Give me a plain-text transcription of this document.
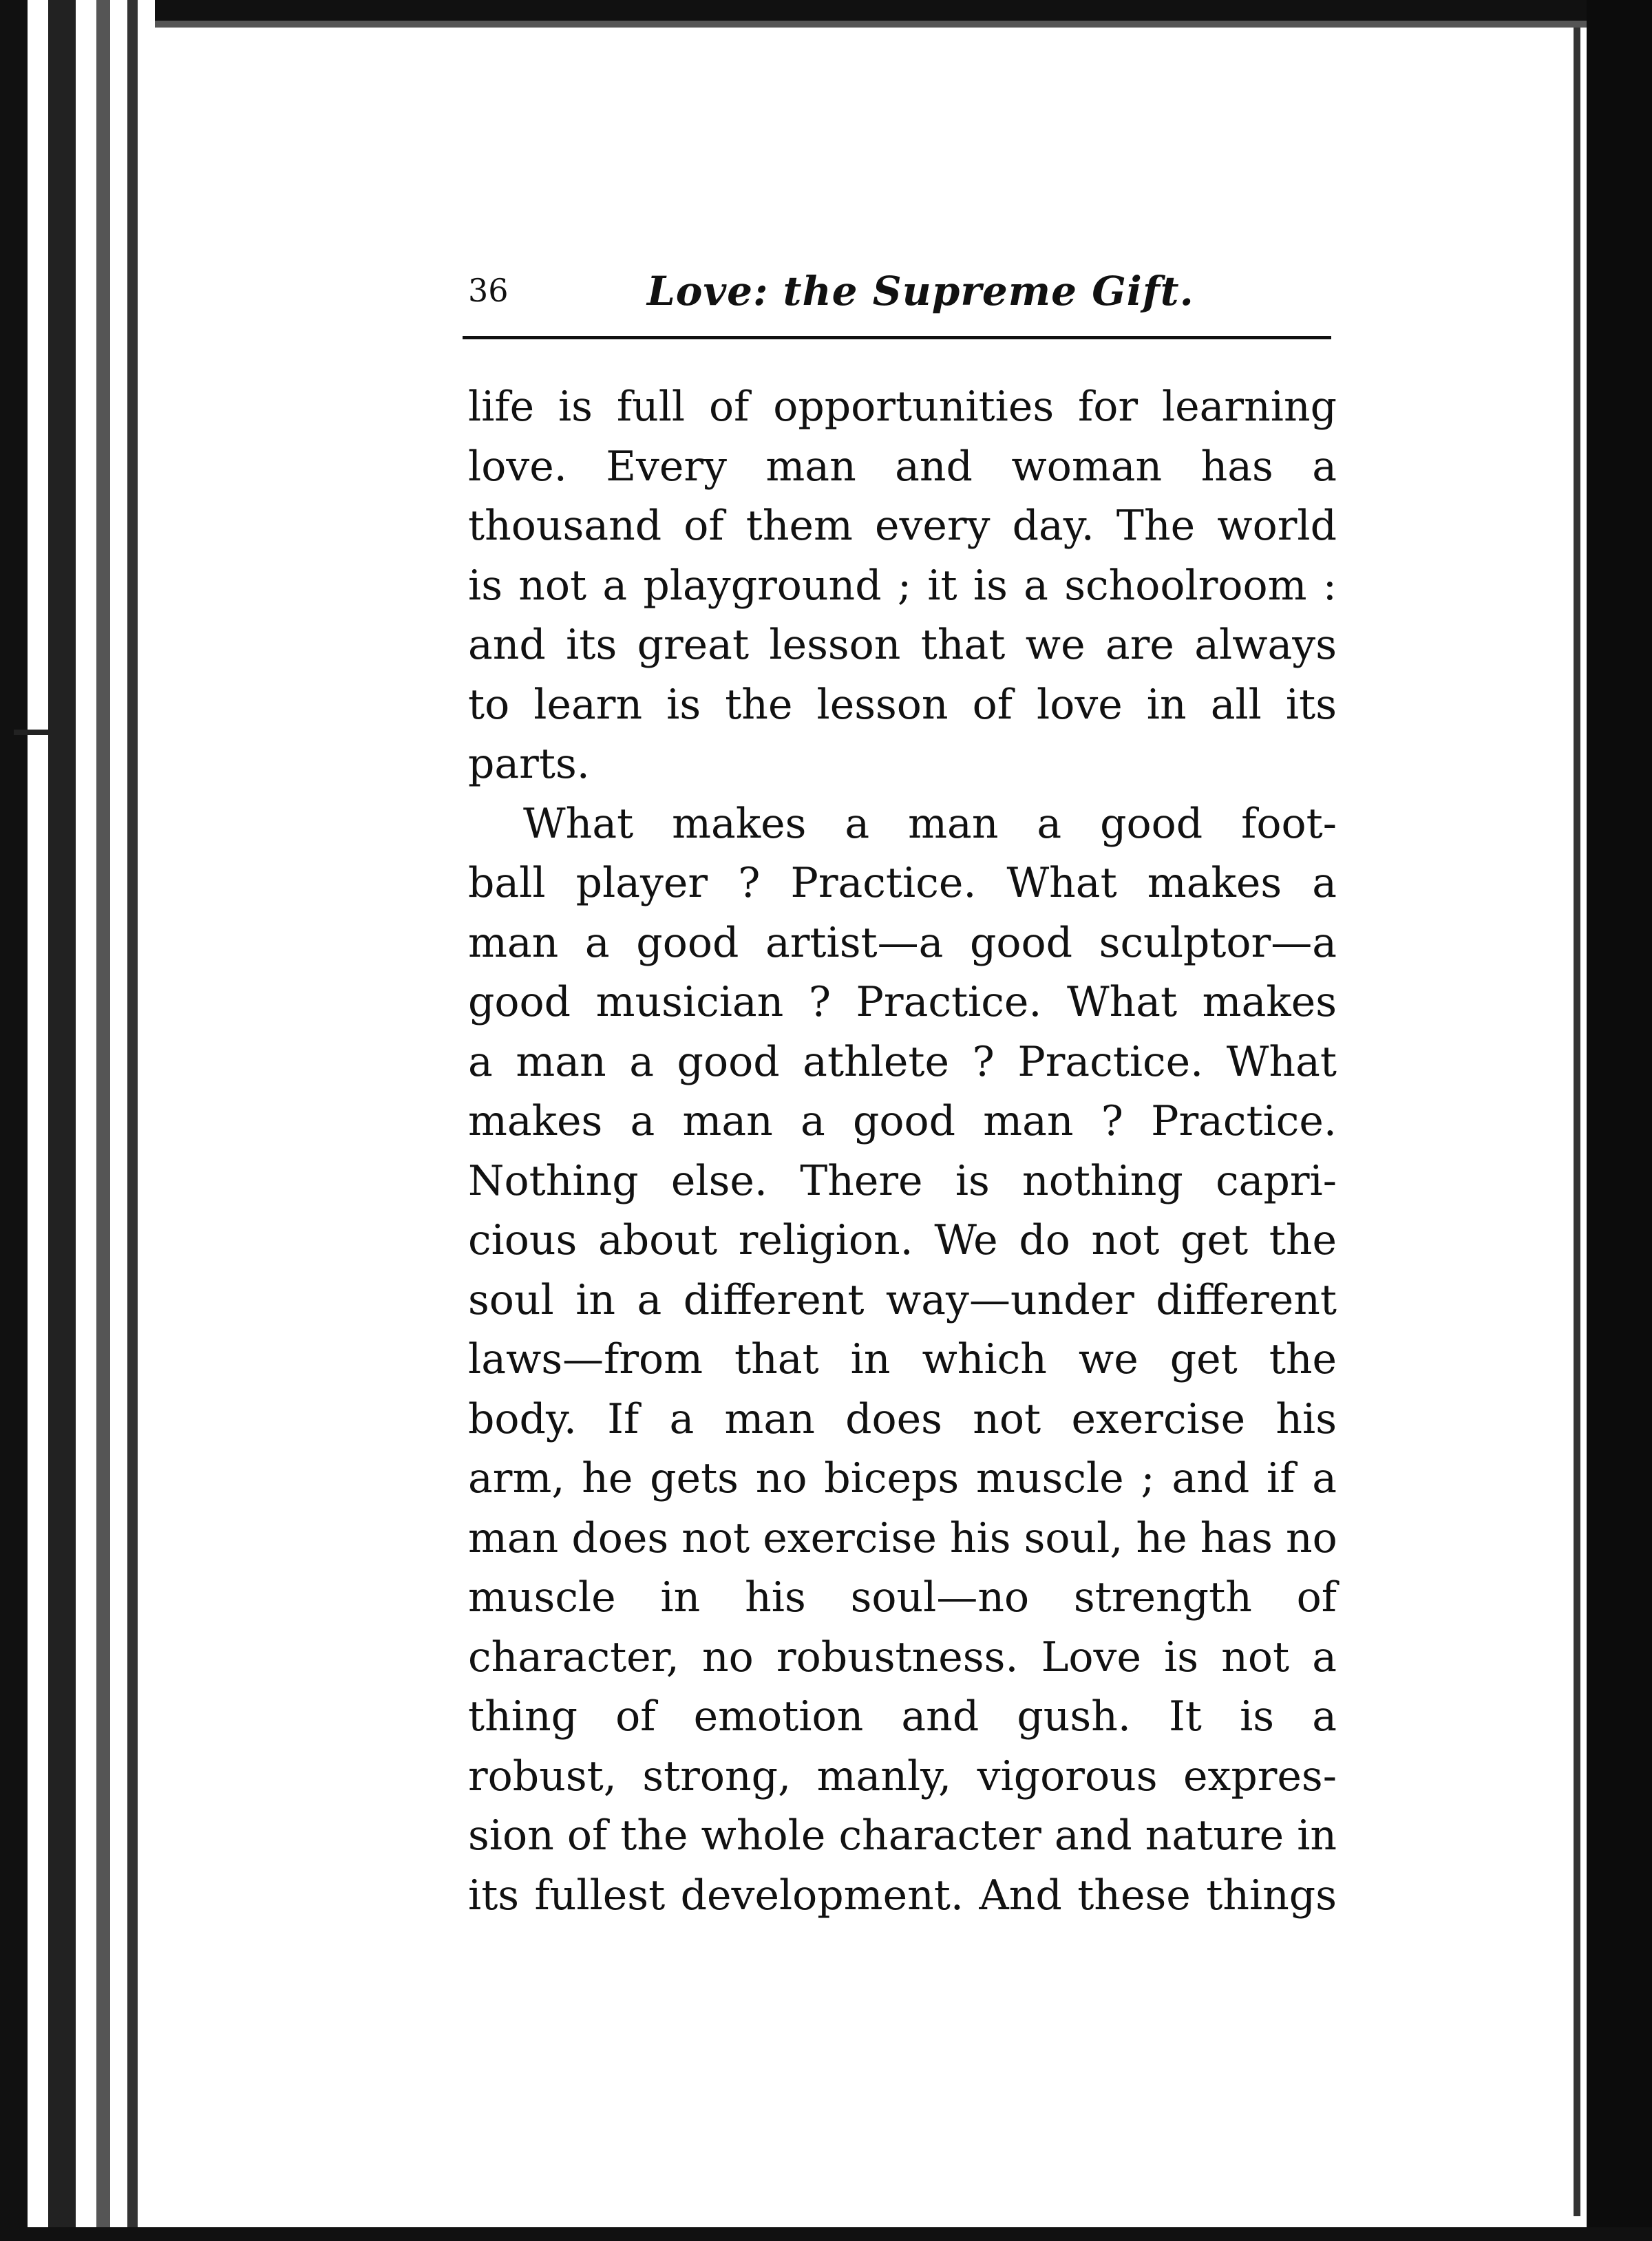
36	Love: the Supreme Gift.
life is full of opportunities for learning
love. Every man and woman has a
thousand of them every day. The world
is not a playground ; it is a schoolroom :
and its great lesson that we are always
to learn is the lesson of love in all its
parts.
What makes a man a good foot-
ball player ? Practice. What makes a
man a good artist—a good sculptor—a
good musician ? Practice. What makes
a man a good athlete ? Practice. What
makes a man a good man ? Practice.
Nothing else. There is nothing capri-
cious about religion. We do not get the
soul in a different way—under different
laws—from that in which we get the
body. If a man does not exercise his
arm, he gets no biceps muscle ; and if a
man does not exercise his soul, he has no
muscle in his soul—no strength of
character, no robustness. Love is not a
thing of emotion and gush. It is a
robust, strong, manly, vigorous expres-
sion of the whole character and nature in
its fullest development. And these things
